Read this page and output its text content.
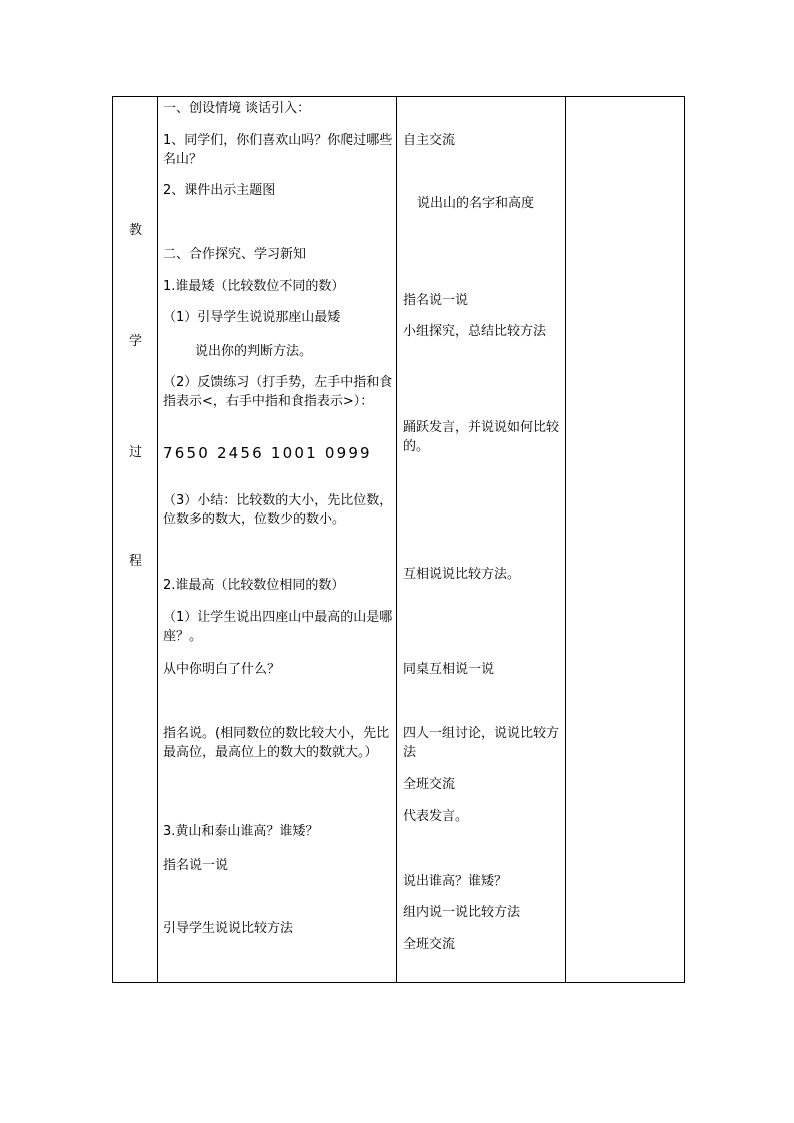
教
学
过
程
一、创设情境 谈话引入：
1、同学们，你们喜欢山吗？你爬过哪些名山？
2、课件出示主题图
二、合作探究、学习新知
1.谁最矮（比较数位不同的数）
（1）引导学生说说那座山最矮
说出你的判断方法。
（2）反馈练习（打手势，左手中指和食指表示<，右手中指和食指表示>）：
7650 2456 1001 0999
（3）小结：比较数的大小，先比位数，位数多的数大，位数少的数小。
2.谁最高（比较数位相同的数）
（1）让学生说出四座山中最高的山是哪座？。
从中你明白了什么？
指名说。(相同数位的数比较大小，先比最高位，最高位上的数大的数就大。）
3.黄山和泰山谁高？谁矮？
指名说一说
引导学生说说比较方法
自主交流
说出山的名字和高度
指名说一说
小组探究，总结比较方法
踊跃发言，并说说如何比较的。
互相说说比较方法。
同桌互相说一说
四人一组讨论，说说比较方法
全班交流
代表发言。
说出谁高？谁矮？
组内说一说比较方法
全班交流
